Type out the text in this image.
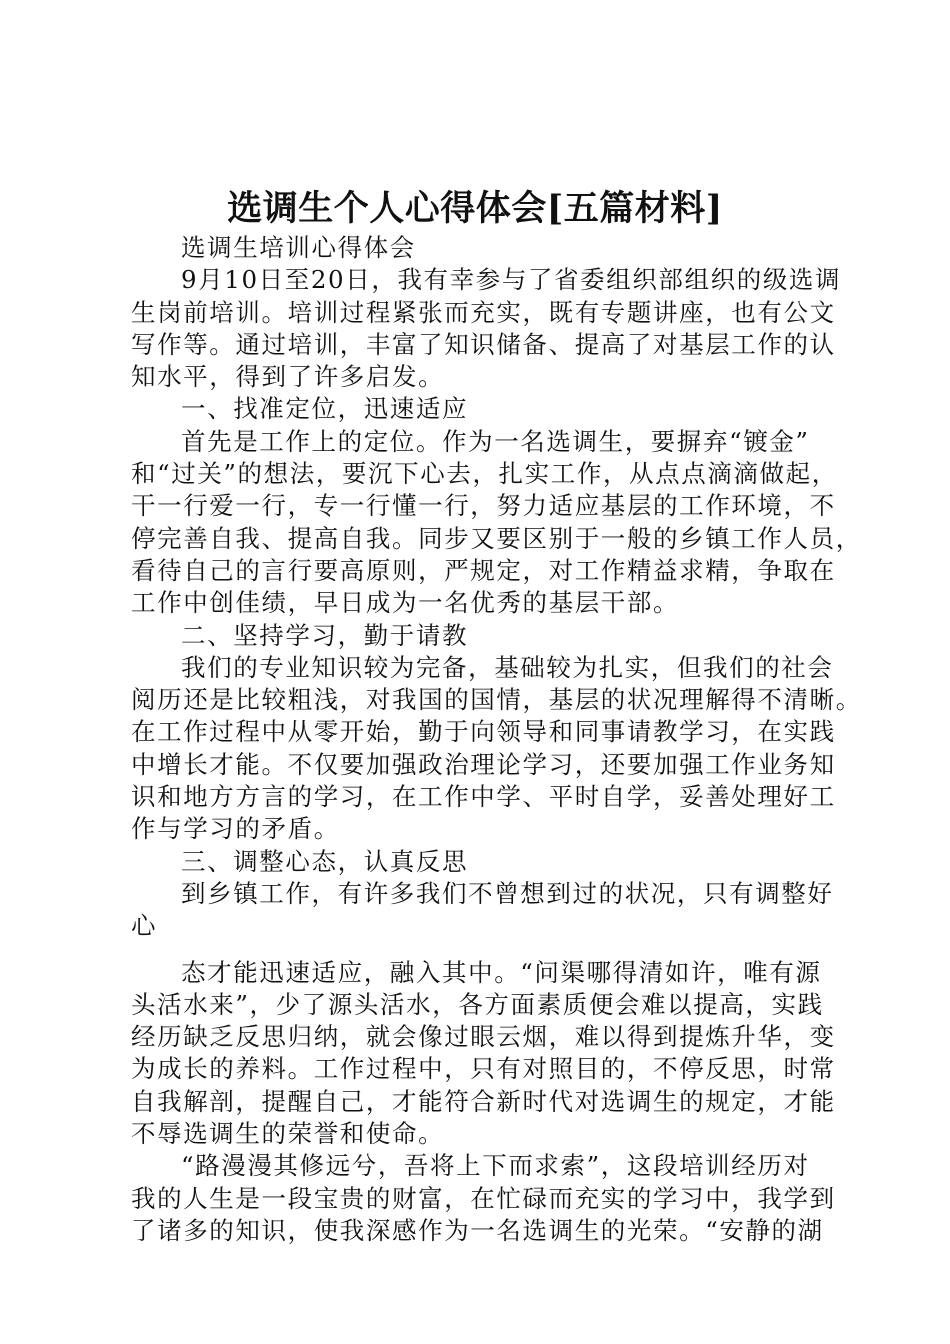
选调生个人心得体会[五篇材料]
选调生培训心得体会
9月10日至20日，我有幸参与了省委组织部组织的级选调
生岗前培训。培训过程紧张而充实，既有专题讲座，也有公文
写作等。通过培训，丰富了知识储备、提高了对基层工作的认
知水平，得到了许多启发。
一、找准定位，迅速适应
首先是工作上的定位。作为一名选调生，要摒弃“镀金”
和“过关”的想法，要沉下心去，扎实工作，从点点滴滴做起，
干一行爱一行，专一行懂一行，努力适应基层的工作环境，不
停完善自我、提高自我。同步又要区别于一般的乡镇工作人员，
看待自己的言行要高原则，严规定，对工作精益求精，争取在
工作中创佳绩，早日成为一名优秀的基层干部。
二、坚持学习，勤于请教
我们的专业知识较为完备，基础较为扎实，但我们的社会
阅历还是比较粗浅，对我国的国情，基层的状况理解得不清晰。
在工作过程中从零开始，勤于向领导和同事请教学习，在实践
中增长才能。不仅要加强政治理论学习，还要加强工作业务知
识和地方方言的学习，在工作中学、平时自学，妥善处理好工
作与学习的矛盾。
三、调整心态，认真反思
到乡镇工作，有许多我们不曾想到过的状况，只有调整好
心
态才能迅速适应，融入其中。“问渠哪得清如许，唯有源
头活水来”，少了源头活水，各方面素质便会难以提高，实践
经历缺乏反思归纳，就会像过眼云烟，难以得到提炼升华，变
为成长的养料。工作过程中，只有对照目的，不停反思，时常
自我解剖，提醒自己，才能符合新时代对选调生的规定，才能
不辱选调生的荣誉和使命。
“路漫漫其修远兮，吾将上下而求索”，这段培训经历对
我的人生是一段宝贵的财富，在忙碌而充实的学习中，我学到
了诸多的知识，使我深感作为一名选调生的光荣。“安静的湖
